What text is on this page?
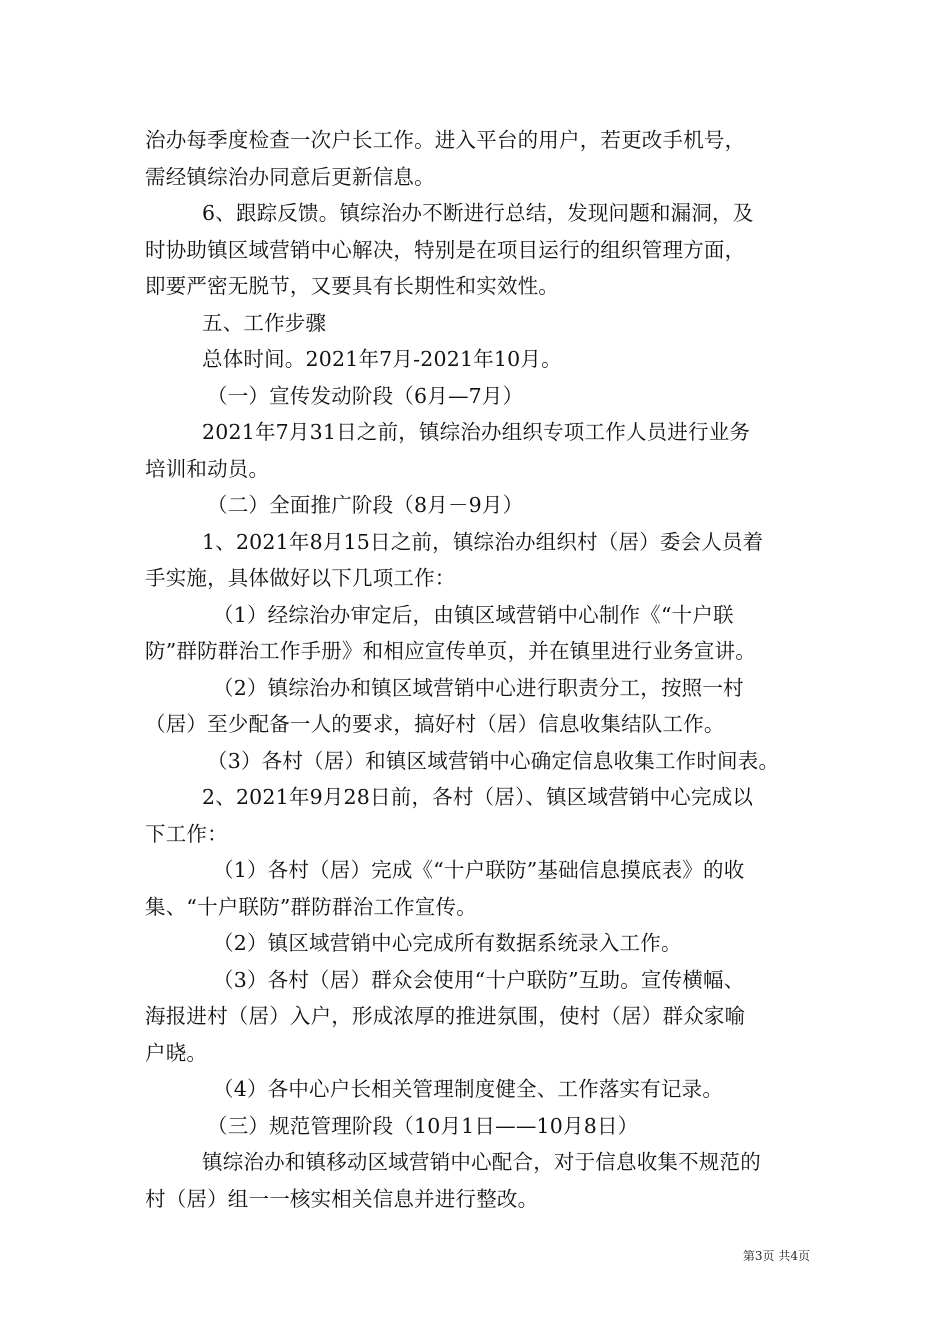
治办每季度检查一次户长工作。进入平台的用户，若更改手机号，
需经镇综治办同意后更新信息。
6、跟踪反馈。镇综治办不断进行总结，发现问题和漏洞，及
时协助镇区域营销中心解决，特别是在项目运行的组织管理方面，
即要严密无脱节，又要具有长期性和实效性。
五、工作步骤
总体时间。2021年7月-2021年10月。
（一）宣传发动阶段（6月—7月）
2021年7月31日之前，镇综治办组织专项工作人员进行业务
培训和动员。
（二）全面推广阶段（8月－9月）
1、2021年8月15日之前，镇综治办组织村（居）委会人员着
手实施，具体做好以下几项工作：
（1）经综治办审定后，由镇区域营销中心制作《“十户联
防”群防群治工作手册》和相应宣传单页，并在镇里进行业务宣讲。
（2）镇综治办和镇区域营销中心进行职责分工，按照一村
（居）至少配备一人的要求，搞好村（居）信息收集结队工作。
（3）各村（居）和镇区域营销中心确定信息收集工作时间表。
2、2021年9月28日前，各村（居）、镇区域营销中心完成以
下工作：
（1）各村（居）完成《“十户联防”基础信息摸底表》的收
集、“十户联防”群防群治工作宣传。
（2）镇区域营销中心完成所有数据系统录入工作。
（3）各村（居）群众会使用“十户联防”互助。宣传横幅、
海报进村（居）入户，形成浓厚的推进氛围，使村（居）群众家喻
户晓。
（4）各中心户长相关管理制度健全、工作落实有记录。
（三）规范管理阶段（10月1日——10月8日）
镇综治办和镇移动区域营销中心配合，对于信息收集不规范的
村（居）组一一核实相关信息并进行整改。
第3页 共4页
